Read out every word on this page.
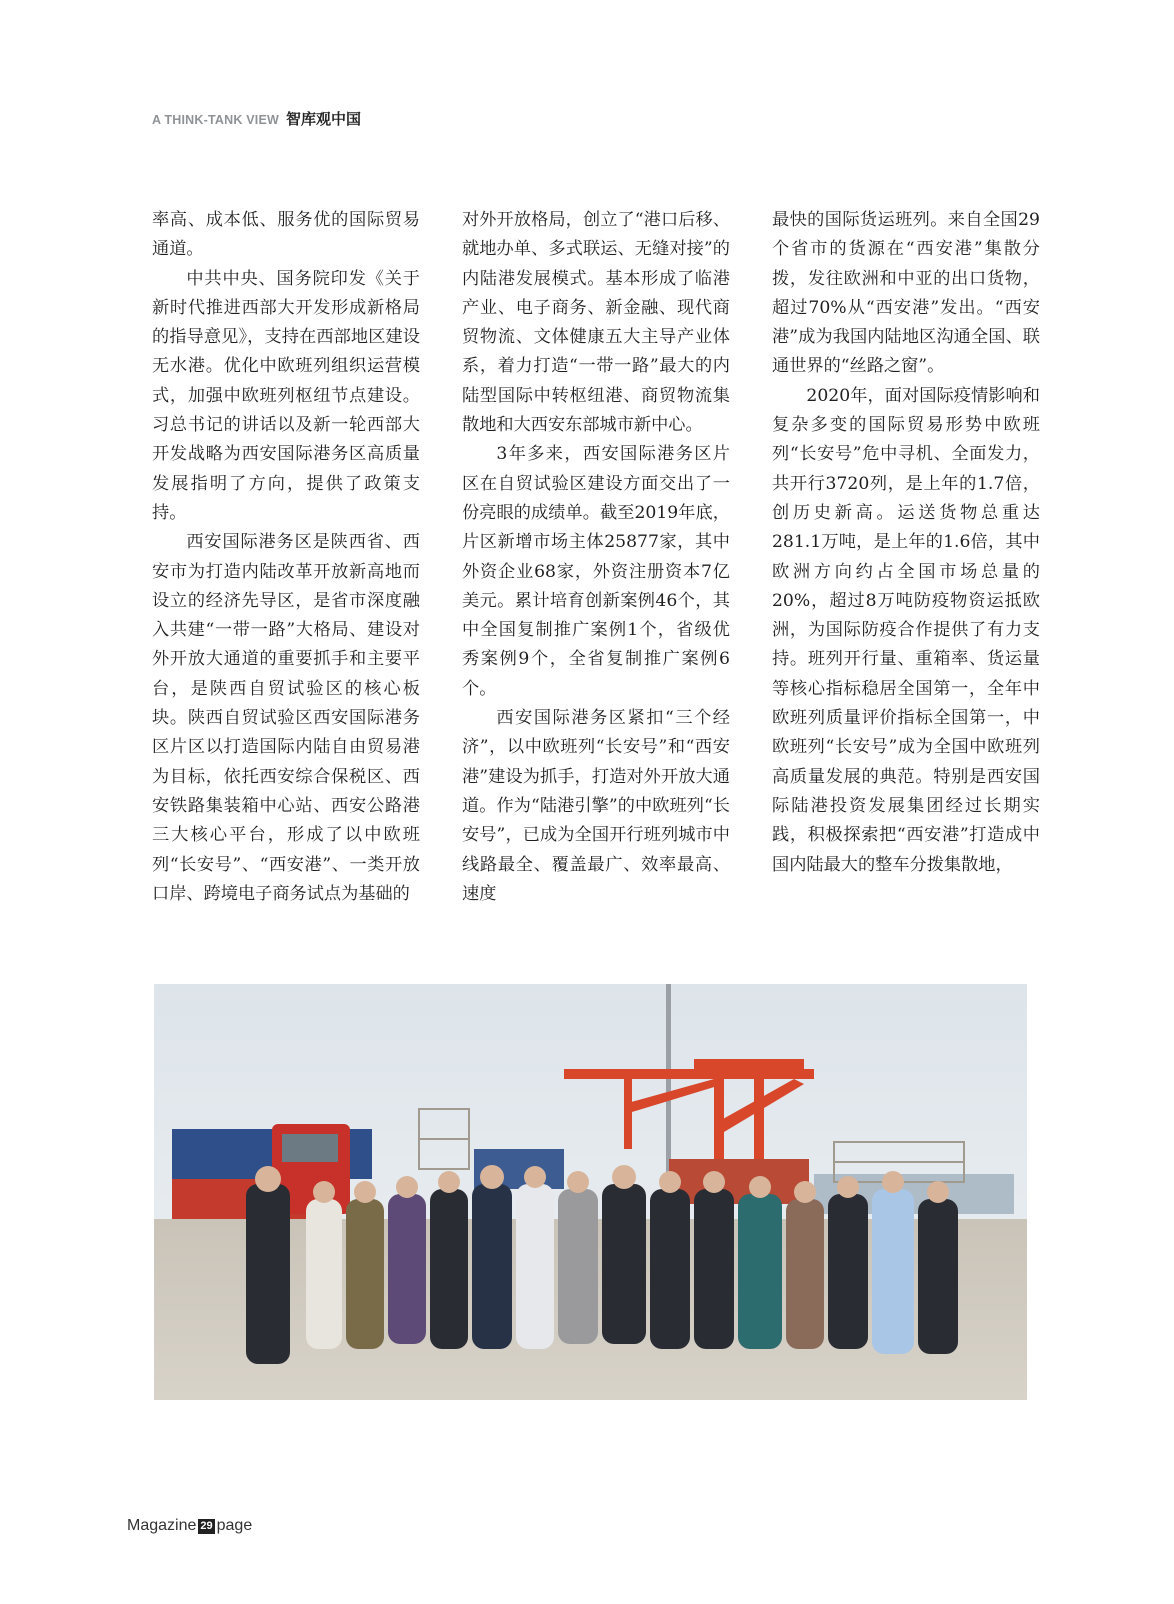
A THINK-TANK VIEW 智库观中国

率高、成本低、服务优的国际贸易通道。

中共中央、国务院印发《关于新时代推进西部大开发形成新格局的指导意见》，支持在西部地区建设无水港。优化中欧班列组织运营模式，加强中欧班列枢纽节点建设。习总书记的讲话以及新一轮西部大开发战略为西安国际港务区高质量发展指明了方向，提供了政策支持。

西安国际港务区是陕西省、西安市为打造内陆改革开放新高地而设立的经济先导区，是省市深度融入共建“一带一路”大格局、建设对外开放大通道的重要抓手和主要平台，是陕西自贸试验区的核心板块。陕西自贸试验区西安国际港务区片区以打造国际内陆自由贸易港为目标，依托西安综合保税区、西安铁路集装箱中心站、西安公路港三大核心平台，形成了以中欧班列“长安号”、“西安港”、一类开放口岸、跨境电子商务试点为基础的

对外开放格局，创立了“港口后移、就地办单、多式联运、无缝对接”的内陆港发展模式。基本形成了临港产业、电子商务、新金融、现代商贸物流、文体健康五大主导产业体系，着力打造“一带一路”最大的内陆型国际中转枢纽港、商贸物流集散地和大西安东部城市新中心。

3年多来，西安国际港务区片区在自贸试验区建设方面交出了一份亮眼的成绩单。截至2019年底，片区新增市场主体25877家，其中外资企业68家，外资注册资本7亿美元。累计培育创新案例46个，其中全国复制推广案例1个，省级优秀案例9个，全省复制推广案例6个。

西安国际港务区紧扣“三个经济”，以中欧班列“长安号”和“西安港”建设为抓手，打造对外开放大通道。作为“陆港引擎”的中欧班列“长安号”，已成为全国开行班列城市中线路最全、覆盖最广、效率最高、速度

最快的国际货运班列。来自全国29个省市的货源在“西安港”集散分拨，发往欧洲和中亚的出口货物，超过70%从“西安港”发出。“西安港”成为我国内陆地区沟通全国、联通世界的“丝路之窗”。

2020年，面对国际疫情影响和复杂多变的国际贸易形势中欧班列“长安号”危中寻机、全面发力，共开行3720列，是上年的1.7倍，创历史新高。运送货物总重达281.1万吨，是上年的1.6倍，其中欧洲方向约占全国市场总量的20%，超过8万吨防疫物资运抵欧洲，为国际防疫合作提供了有力支持。班列开行量、重箱率、货运量等核心指标稳居全国第一，全年中欧班列质量评价指标全国第一，中欧班列“长安号”成为全国中欧班列高质量发展的典范。特别是西安国际陆港投资发展集团经过长期实践，积极探索把“西安港”打造成中国内陆最大的整车分拨集散地，

Magazine 29 page
